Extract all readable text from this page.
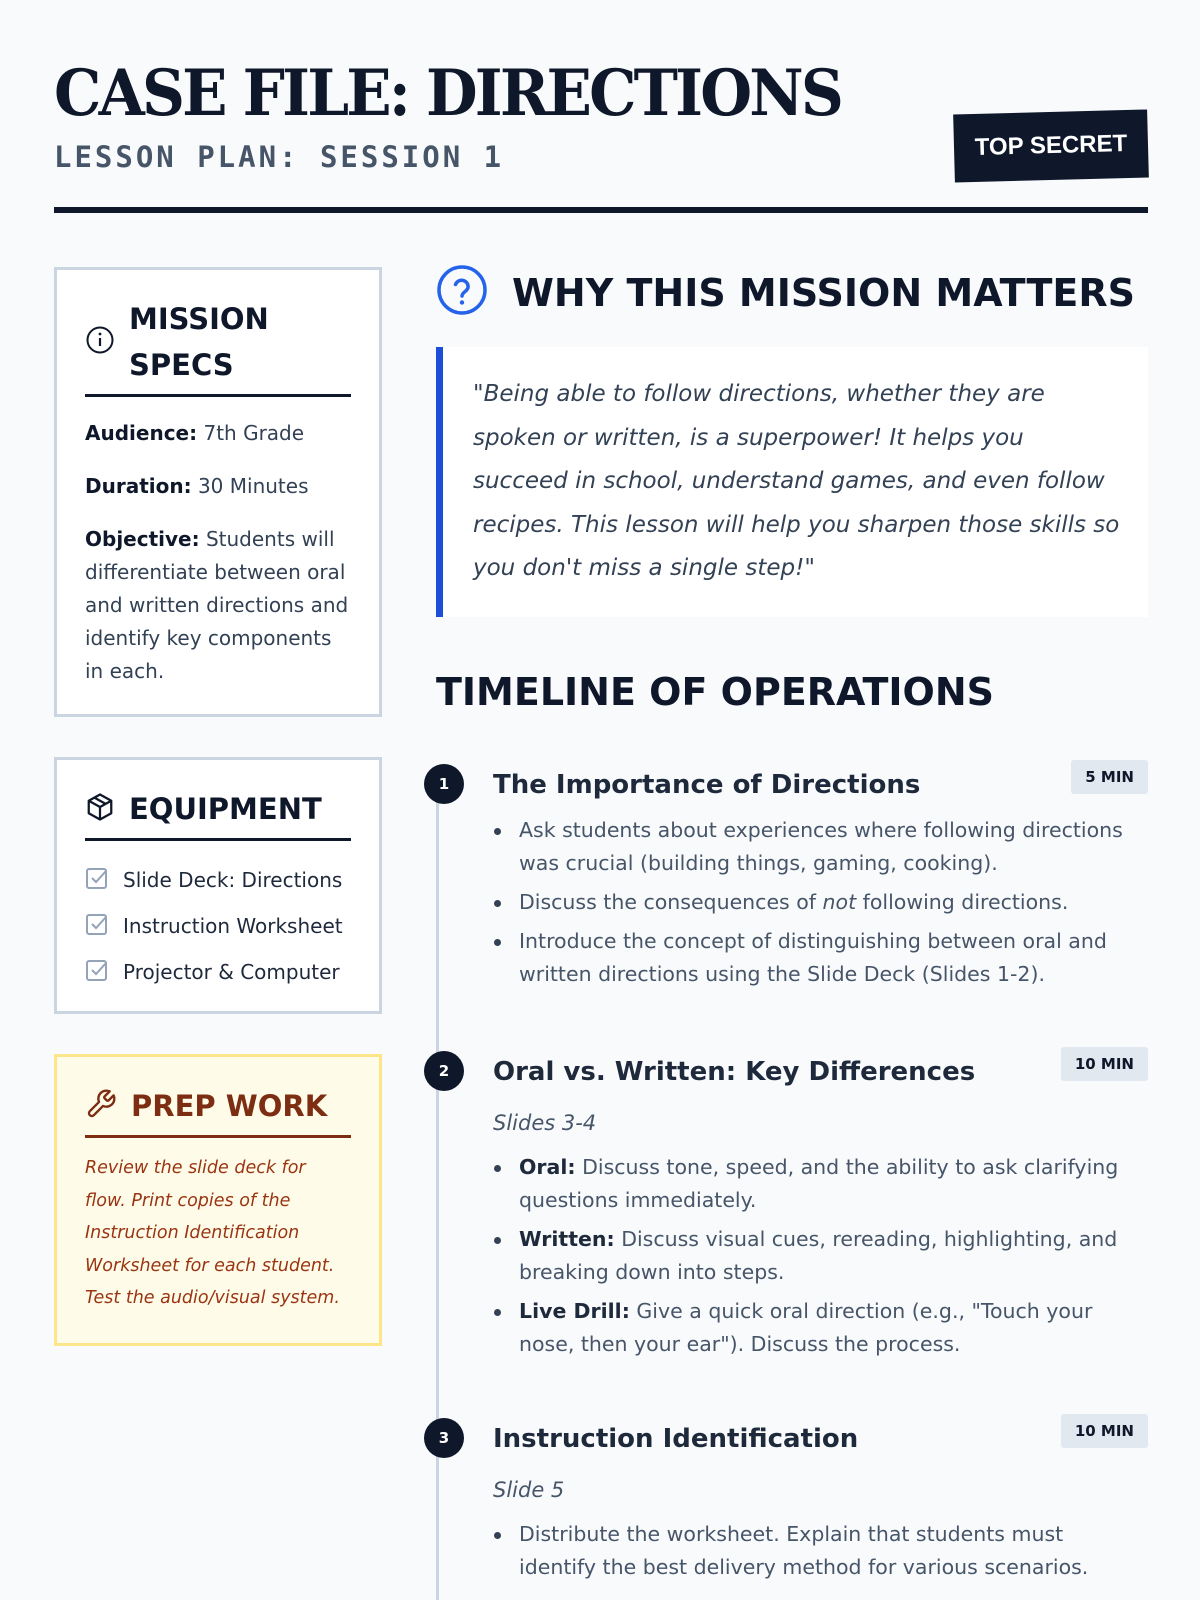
CASE FILE: DIRECTIONS
LESSON PLAN: SESSION 1	TOP SECRET
MISSION SPECS
Audience: 7th Grade
Duration: 30 Minutes
Objective: Students will differentiate between oral and written directions and identify key components in each.
EQUIPMENT
Slide Deck: Directions
Instruction Worksheet
Projector & Computer
PREP WORK
Review the slide deck for flow. Print copies of the Instruction Identification Worksheet for each student. Test the audio/visual system.
WHY THIS MISSION MATTERS
"Being able to follow directions, whether they are spoken or written, is a superpower! It helps you succeed in school, understand games, and even follow recipes. This lesson will help you sharpen those skills so you don't miss a single step!"
TIMELINE OF OPERATIONS
1	The Importance of Directions	5 MIN
Ask students about experiences where following directions was crucial (building things, gaming, cooking).
Discuss the consequences of not following directions.
Introduce the concept of distinguishing between oral and written directions using the Slide Deck (Slides 1-2).
2	Oral vs. Written: Key Differences	10 MIN
Slides 3-4
Oral: Discuss tone, speed, and the ability to ask clarifying questions immediately.
Written: Discuss visual cues, rereading, highlighting, and breaking down into steps.
Live Drill: Give a quick oral direction (e.g., "Touch your nose, then your ear"). Discuss the process.
3	Instruction Identification	10 MIN
Slide 5
Distribute the worksheet. Explain that students must identify the best delivery method for various scenarios.
